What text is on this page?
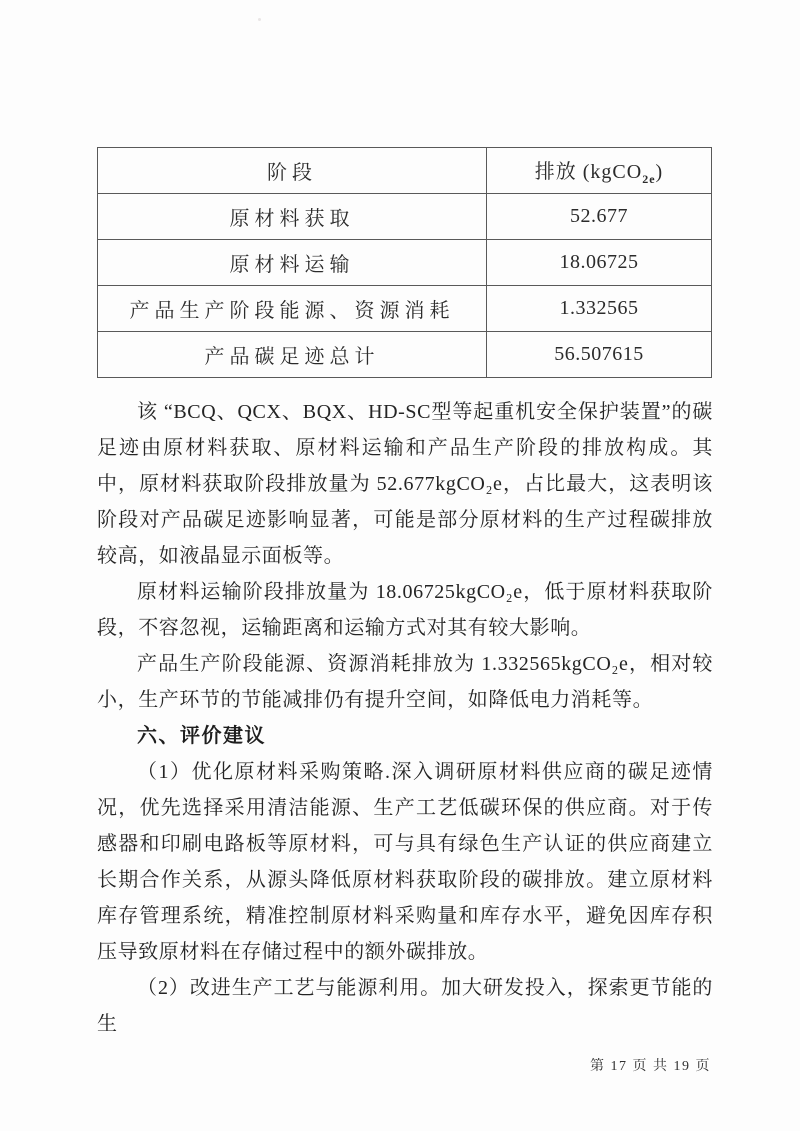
阶段	排放 (kgCO$_{2e}$)
原材料获取	52.677
原材料运输	18.06725
产品生产阶段能源、资源消耗	1.332565
产品碳足迹总计	56.507615

该 “BCQ、QCX、BQX、HD-SC型等起重机安全保护装置”的碳足迹由原材料获取、原材料运输和产品生产阶段的排放构成。其中，原材料获取阶段排放量为 52.677kgCO₂e，占比最大，这表明该阶段对产品碳足迹影响显著，可能是部分原材料的生产过程碳排放较高，如液晶显示面板等。

原材料运输阶段排放量为 18.06725kgCO₂e，低于原材料获取阶段，不容忽视，运输距离和运输方式对其有较大影响。

产品生产阶段能源、资源消耗排放为 1.332565kgCO₂e，相对较小，生产环节的节能减排仍有提升空间，如降低电力消耗等。

六、评价建议

（1）优化原材料采购策略.深入调研原材料供应商的碳足迹情况，优先选择采用清洁能源、生产工艺低碳环保的供应商。对于传感器和印刷电路板等原材料，可与具有绿色生产认证的供应商建立长期合作关系，从源头降低原材料获取阶段的碳排放。建立原材料库存管理系统，精准控制原材料采购量和库存水平，避免因库存积压导致原材料在存储过程中的额外碳排放。

（2）改进生产工艺与能源利用。加大研发投入，探索更节能的生

第 17 页 共 19 页
